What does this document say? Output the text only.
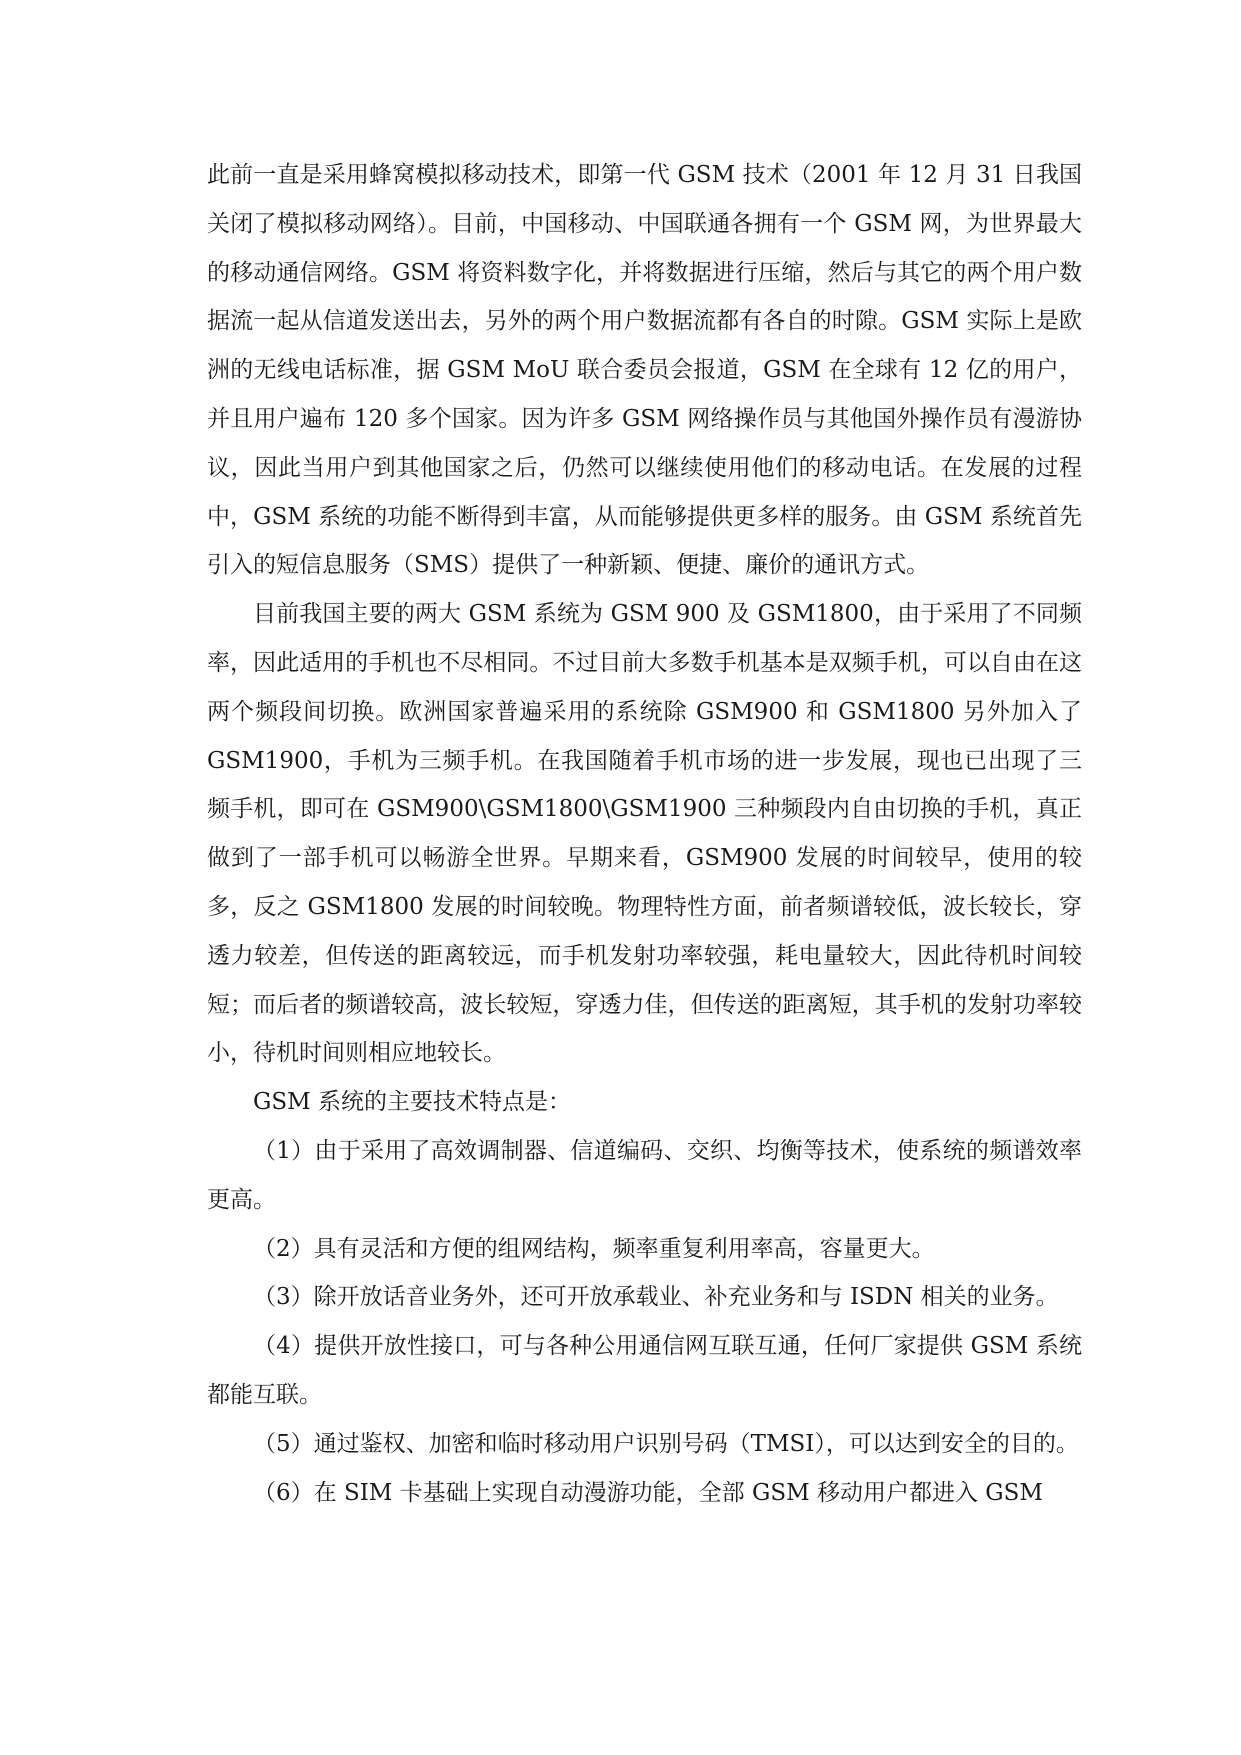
此前一直是采用蜂窝模拟移动技术，即第一代 GSM 技术（2001 年 12 月 31 日我国关闭了模拟移动网络）。目前，中国移动、中国联通各拥有一个 GSM 网，为世界最大的移动通信网络。GSM 将资料数字化，并将数据进行压缩，然后与其它的两个用户数据流一起从信道发送出去，另外的两个用户数据流都有各自的时隙。GSM 实际上是欧洲的无线电话标准，据 GSM MoU 联合委员会报道，GSM 在全球有 12 亿的用户，并且用户遍布 120 多个国家。因为许多 GSM 网络操作员与其他国外操作员有漫游协议，因此当用户到其他国家之后，仍然可以继续使用他们的移动电话。在发展的过程中，GSM 系统的功能不断得到丰富，从而能够提供更多样的服务。由 GSM 系统首先引入的短信息服务（SMS）提供了一种新颖、便捷、廉价的通讯方式。

目前我国主要的两大 GSM 系统为 GSM 900 及 GSM1800，由于采用了不同频率，因此适用的手机也不尽相同。不过目前大多数手机基本是双频手机，可以自由在这两个频段间切换。欧洲国家普遍采用的系统除 GSM900 和 GSM1800 另外加入了 GSM1900，手机为三频手机。在我国随着手机市场的进一步发展，现也已出现了三频手机，即可在 GSM900\GSM1800\GSM1900 三种频段内自由切换的手机，真正做到了一部手机可以畅游全世界。早期来看，GSM900 发展的时间较早，使用的较多，反之 GSM1800 发展的时间较晚。物理特性方面，前者频谱较低，波长较长，穿透力较差，但传送的距离较远，而手机发射功率较强，耗电量较大，因此待机时间较短；而后者的频谱较高，波长较短，穿透力佳，但传送的距离短，其手机的发射功率较小，待机时间则相应地较长。

GSM 系统的主要技术特点是：

（1）由于采用了高效调制器、信道编码、交织、均衡等技术，使系统的频谱效率更高。

（2）具有灵活和方便的组网结构，频率重复利用率高，容量更大。

（3）除开放话音业务外，还可开放承载业、补充业务和与 ISDN 相关的业务。

（4）提供开放性接口，可与各种公用通信网互联互通，任何厂家提供 GSM 系统都能互联。

（5）通过鉴权、加密和临时移动用户识别号码（TMSI），可以达到安全的目的。

（6）在 SIM 卡基础上实现自动漫游功能，全部 GSM 移动用户都进入 GSM
